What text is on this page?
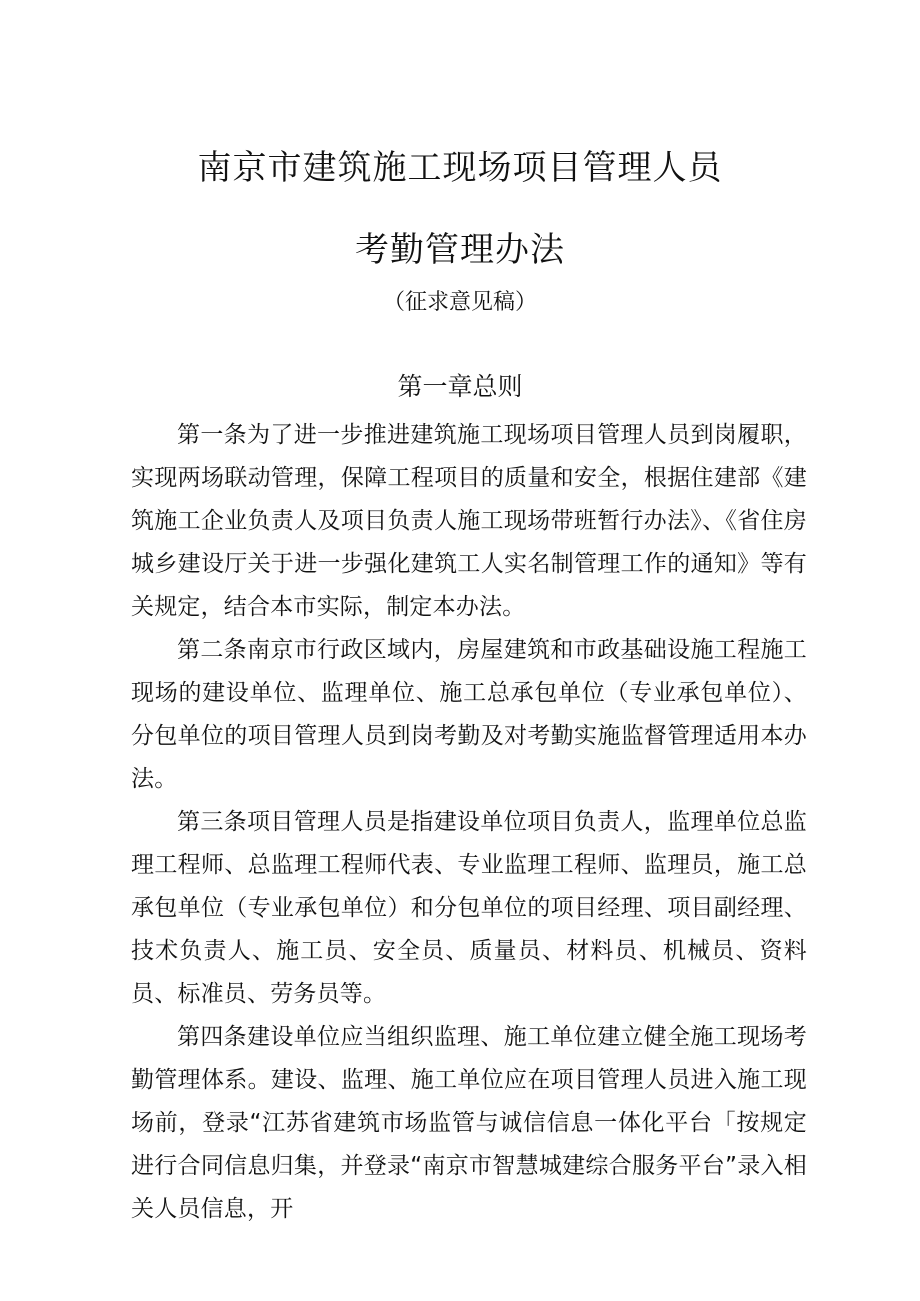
南京市建筑施工现场项目管理人员
考勤管理办法
（征求意见稿）
第一章总则

第一条为了进一步推进建筑施工现场项目管理人员到岗履职，实现两场联动管理，保障工程项目的质量和安全，根据住建部《建筑施工企业负责人及项目负责人施工现场带班暂行办法》、《省住房城乡建设厅关于进一步强化建筑工人实名制管理工作的通知》等有关规定，结合本市实际，制定本办法。

第二条南京市行政区域内，房屋建筑和市政基础设施工程施工现场的建设单位、监理单位、施工总承包单位（专业承包单位）、分包单位的项目管理人员到岗考勤及对考勤实施监督管理适用本办法。

第三条项目管理人员是指建设单位项目负责人，监理单位总监理工程师、总监理工程师代表、专业监理工程师、监理员，施工总承包单位（专业承包单位）和分包单位的项目经理、项目副经理、技术负责人、施工员、安全员、质量员、材料员、机械员、资料员、标准员、劳务员等。

第四条建设单位应当组织监理、施工单位建立健全施工现场考勤管理体系。建设、监理、施工单位应在项目管理人员进入施工现场前，登录“江苏省建筑市场监管与诚信信息一体化平台「按规定进行合同信息归集，并登录“南京市智慧城建综合服务平台”录入相关人员信息，开
